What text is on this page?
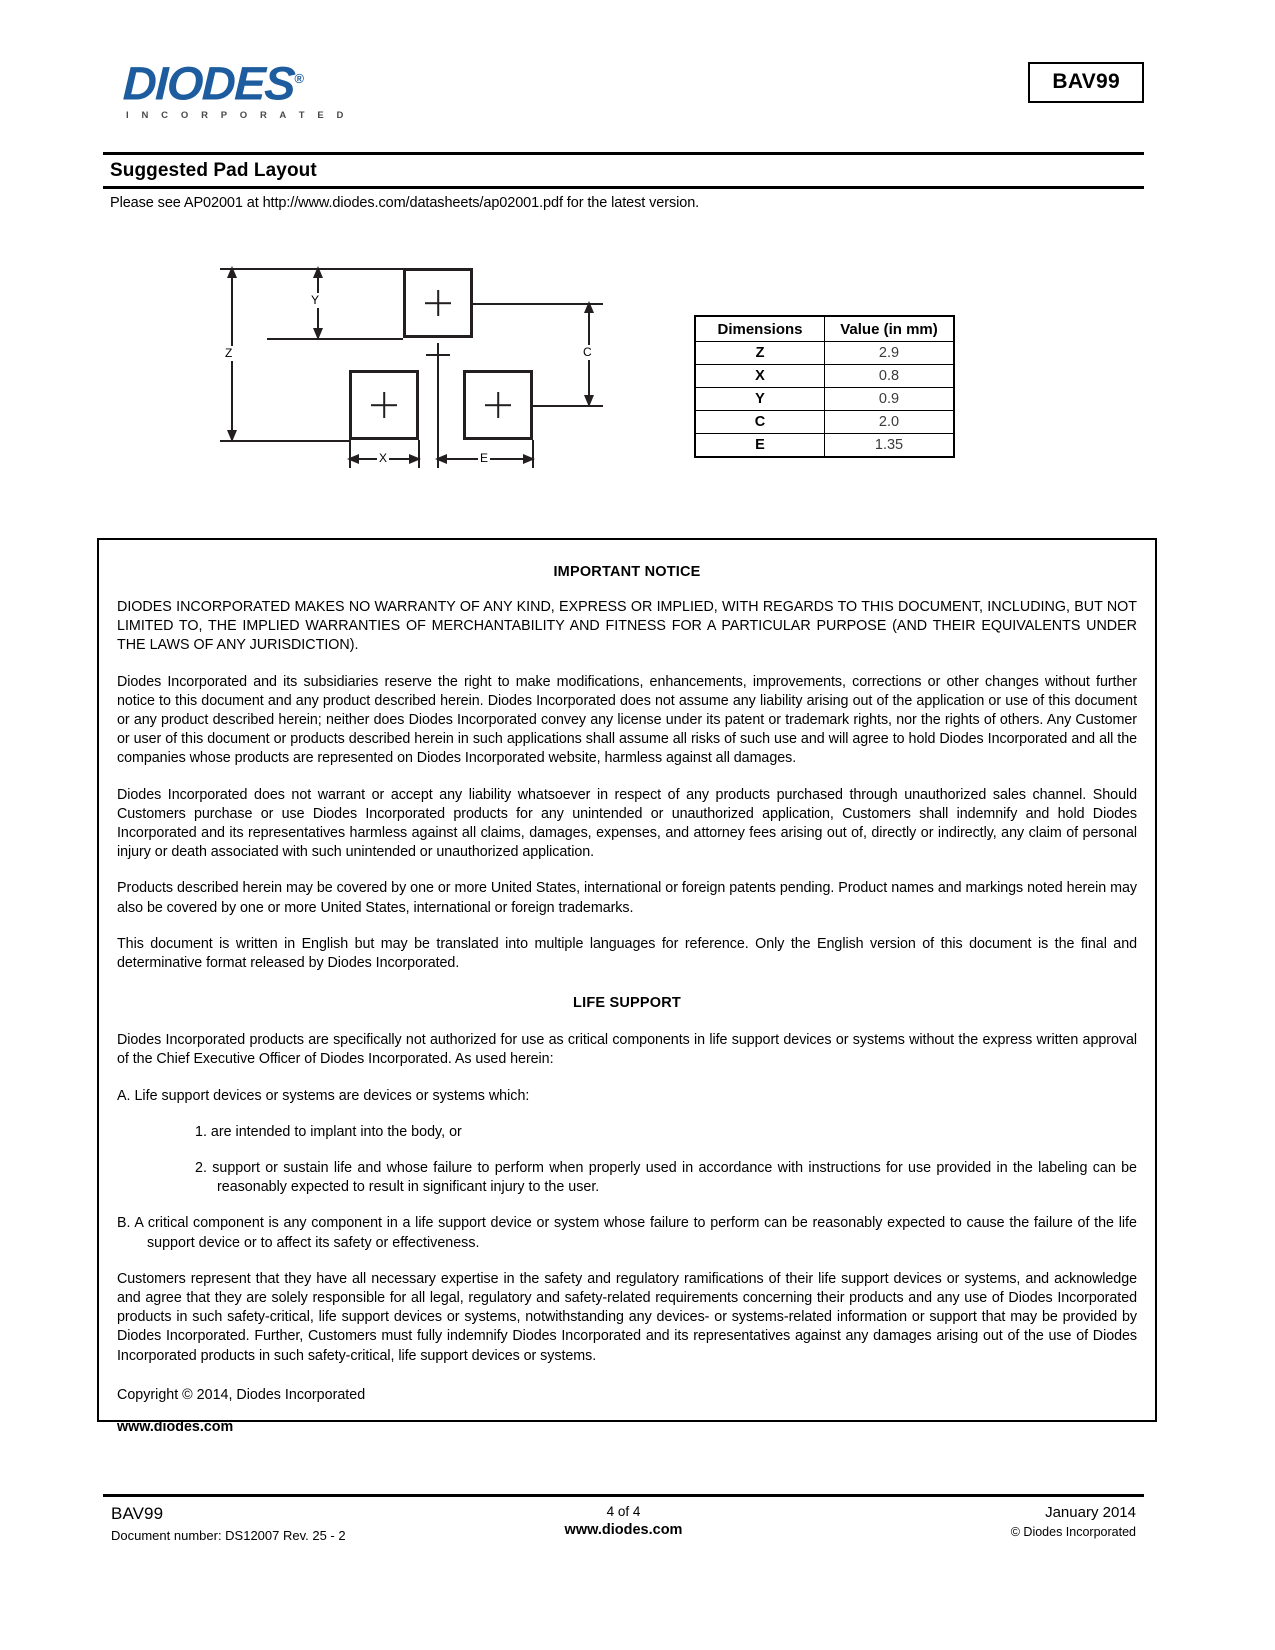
DIODES®
I N C O R P O R A T E D
BAV99
Suggested Pad Layout
Please see AP02001 at http://www.diodes.com/datasheets/ap02001.pdf for the latest version.
Z
Y
C
X	E
Dimensions	Value (in mm)
Z	2.9
X	0.8
Y	0.9
C	2.0
E	1.35
IMPORTANT NOTICE

DIODES INCORPORATED MAKES NO WARRANTY OF ANY KIND, EXPRESS OR IMPLIED, WITH REGARDS TO THIS DOCUMENT, INCLUDING, BUT NOT LIMITED TO, THE IMPLIED WARRANTIES OF MERCHANTABILITY AND FITNESS FOR A PARTICULAR PURPOSE (AND THEIR EQUIVALENTS UNDER THE LAWS OF ANY JURISDICTION).

Diodes Incorporated and its subsidiaries reserve the right to make modifications, enhancements, improvements, corrections or other changes without further notice to this document and any product described herein. Diodes Incorporated does not assume any liability arising out of the application or use of this document or any product described herein; neither does Diodes Incorporated convey any license under its patent or trademark rights, nor the rights of others. Any Customer or user of this document or products described herein in such applications shall assume all risks of such use and will agree to hold Diodes Incorporated and all the companies whose products are represented on Diodes Incorporated website, harmless against all damages.

Diodes Incorporated does not warrant or accept any liability whatsoever in respect of any products purchased through unauthorized sales channel. Should Customers purchase or use Diodes Incorporated products for any unintended or unauthorized application, Customers shall indemnify and hold Diodes Incorporated and its representatives harmless against all claims, damages, expenses, and attorney fees arising out of, directly or indirectly, any claim of personal injury or death associated with such unintended or unauthorized application.

Products described herein may be covered by one or more United States, international or foreign patents pending. Product names and markings noted herein may also be covered by one or more United States, international or foreign trademarks.

This document is written in English but may be translated into multiple languages for reference. Only the English version of this document is the final and determinative format released by Diodes Incorporated.

LIFE SUPPORT

Diodes Incorporated products are specifically not authorized for use as critical components in life support devices or systems without the express written approval of the Chief Executive Officer of Diodes Incorporated. As used herein:

A. Life support devices or systems are devices or systems which:

1. are intended to implant into the body, or

2. support or sustain life and whose failure to perform when properly used in accordance with instructions for use provided in the labeling can be reasonably expected to result in significant injury to the user.

B. A critical component is any component in a life support device or system whose failure to perform can be reasonably expected to cause the failure of the life support device or to affect its safety or effectiveness.

Customers represent that they have all necessary expertise in the safety and regulatory ramifications of their life support devices or systems, and acknowledge and agree that they are solely responsible for all legal, regulatory and safety-related requirements concerning their products and any use of Diodes Incorporated products in such safety-critical, life support devices or systems, notwithstanding any devices- or systems-related information or support that may be provided by Diodes Incorporated. Further, Customers must fully indemnify Diodes Incorporated and its representatives against any damages arising out of the use of Diodes Incorporated products in such safety-critical, life support devices or systems.

Copyright © 2014, Diodes Incorporated

www.diodes.com

BAV99
Document number: DS12007 Rev. 25 - 2
4 of 4
www.diodes.com
January 2014
© Diodes Incorporated
